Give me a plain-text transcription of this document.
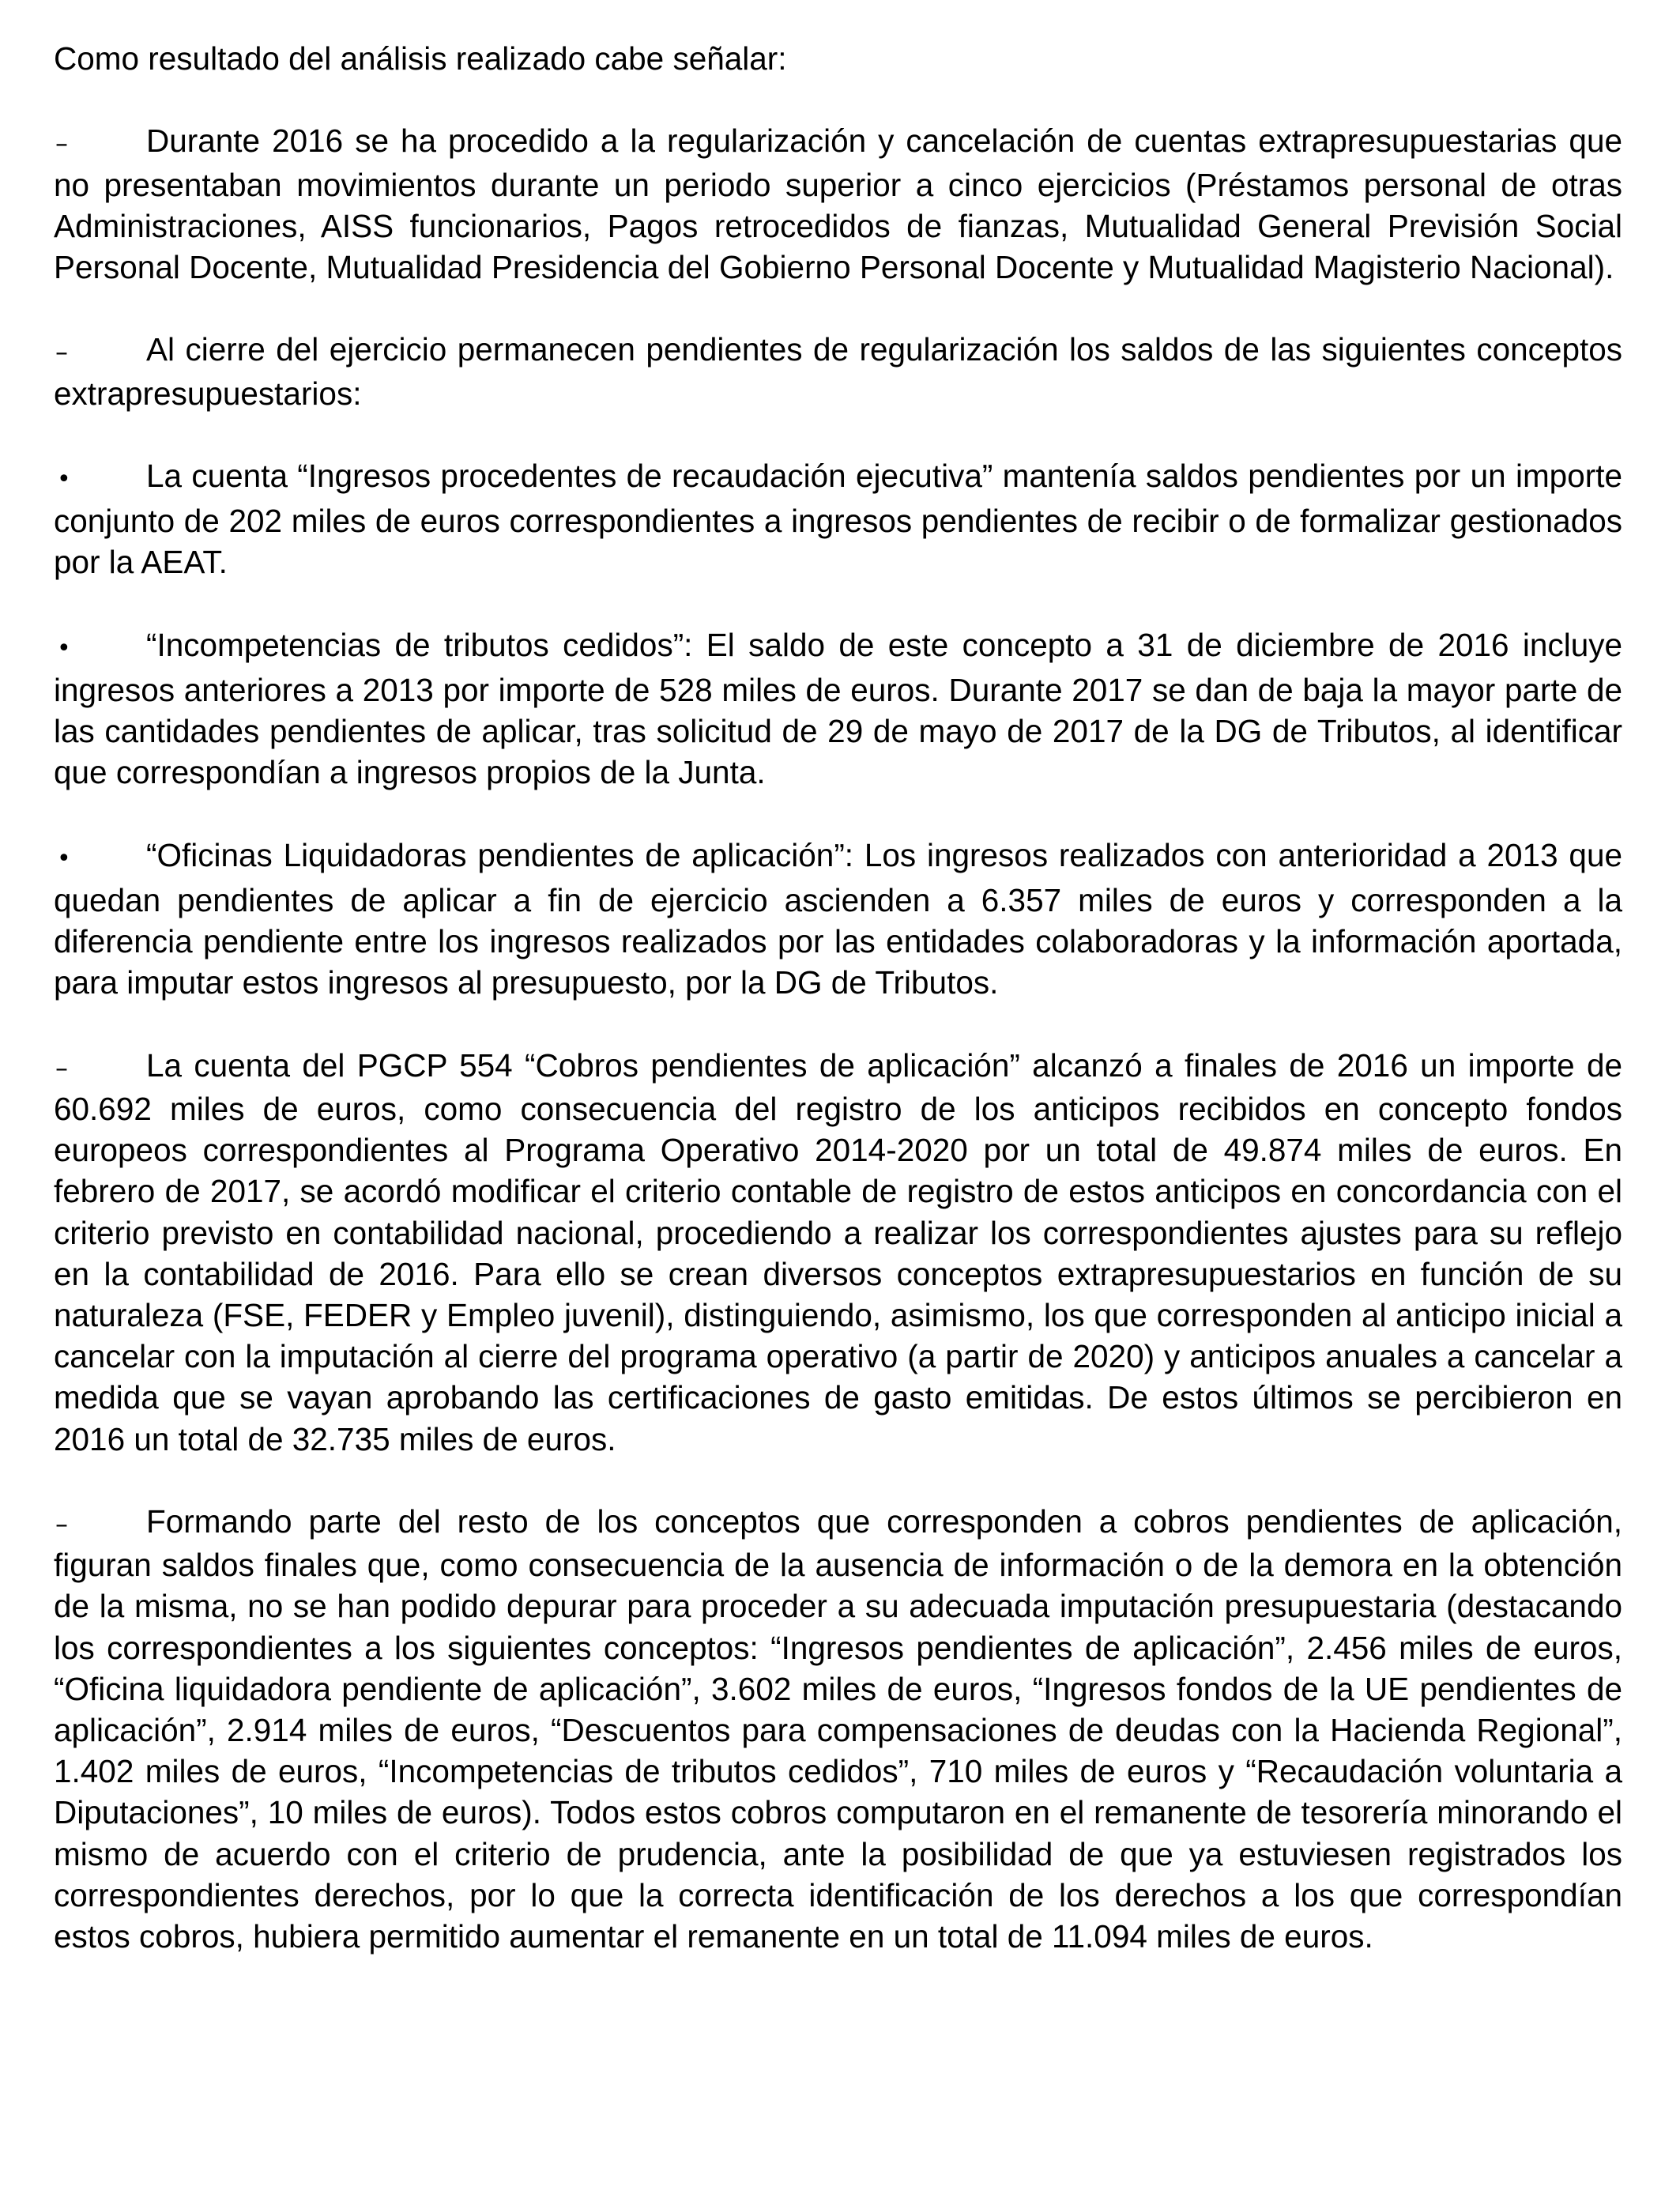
Como resultado del análisis realizado cabe señalar:

– Durante 2016 se ha procedido a la regularización y cancelación de cuentas extrapresupuestarias que no presentaban movimientos durante un periodo superior a cinco ejercicios (Préstamos personal de otras Administraciones, AISS funcionarios, Pagos retrocedidos de fianzas, Mutualidad General Previsión Social Personal Docente, Mutualidad Presidencia del Gobierno Personal Docente y Mutualidad Magisterio Nacional).

– Al cierre del ejercicio permanecen pendientes de regularización los saldos de las siguientes conceptos extrapresupuestarios:

• La cuenta “Ingresos procedentes de recaudación ejecutiva” mantenía saldos pendientes por un importe conjunto de 202 miles de euros correspondientes a ingresos pendientes de recibir o de formalizar gestionados por la AEAT.

• “Incompetencias de tributos cedidos”: El saldo de este concepto a 31 de diciembre de 2016 incluye ingresos anteriores a 2013 por importe de 528 miles de euros. Durante 2017 se dan de baja la mayor parte de las cantidades pendientes de aplicar, tras solicitud de 29 de mayo de 2017 de la DG de Tributos, al identificar que correspondían a ingresos propios de la Junta.

• “Oficinas Liquidadoras pendientes de aplicación”: Los ingresos realizados con anterioridad a 2013 que quedan pendientes de aplicar a fin de ejercicio ascienden a 6.357 miles de euros y corresponden a la diferencia pendiente entre los ingresos realizados por las entidades colaboradoras y la información aportada, para imputar estos ingresos al presupuesto, por la DG de Tributos.

– La cuenta del PGCP 554 “Cobros pendientes de aplicación” alcanzó a finales de 2016 un importe de 60.692 miles de euros, como consecuencia del registro de los anticipos recibidos en concepto fondos europeos correspondientes al Programa Operativo 2014-2020 por un total de 49.874 miles de euros. En febrero de 2017, se acordó modificar el criterio contable de registro de estos anticipos en concordancia con el criterio previsto en contabilidad nacional, procediendo a realizar los correspondientes ajustes para su reflejo en la contabilidad de 2016. Para ello se crean diversos conceptos extrapresupuestarios en función de su naturaleza (FSE, FEDER y Empleo juvenil), distinguiendo, asimismo, los que corresponden al anticipo inicial a cancelar con la imputación al cierre del programa operativo (a partir de 2020) y anticipos anuales a cancelar a medida que se vayan aprobando las certificaciones de gasto emitidas. De estos últimos se percibieron en 2016 un total de 32.735 miles de euros.

– Formando parte del resto de los conceptos que corresponden a cobros pendientes de aplicación, figuran saldos finales que, como consecuencia de la ausencia de información o de la demora en la obtención de la misma, no se han podido depurar para proceder a su adecuada imputación presupuestaria (destacando los correspondientes a los siguientes conceptos: “Ingresos pendientes de aplicación”, 2.456 miles de euros, “Oficina liquidadora pendiente de aplicación”, 3.602 miles de euros, “Ingresos fondos de la UE pendientes de aplicación”, 2.914 miles de euros, “Descuentos para compensaciones de deudas con la Hacienda Regional”, 1.402 miles de euros, “Incompetencias de tributos cedidos”, 710 miles de euros y “Recaudación voluntaria a Diputaciones”, 10 miles de euros). Todos estos cobros computaron en el remanente de tesorería minorando el mismo de acuerdo con el criterio de prudencia, ante la posibilidad de que ya estuviesen registrados los correspondientes derechos, por lo que la correcta identificación de los derechos a los que correspondían estos cobros, hubiera permitido aumentar el remanente en un total de 11.094 miles de euros.
